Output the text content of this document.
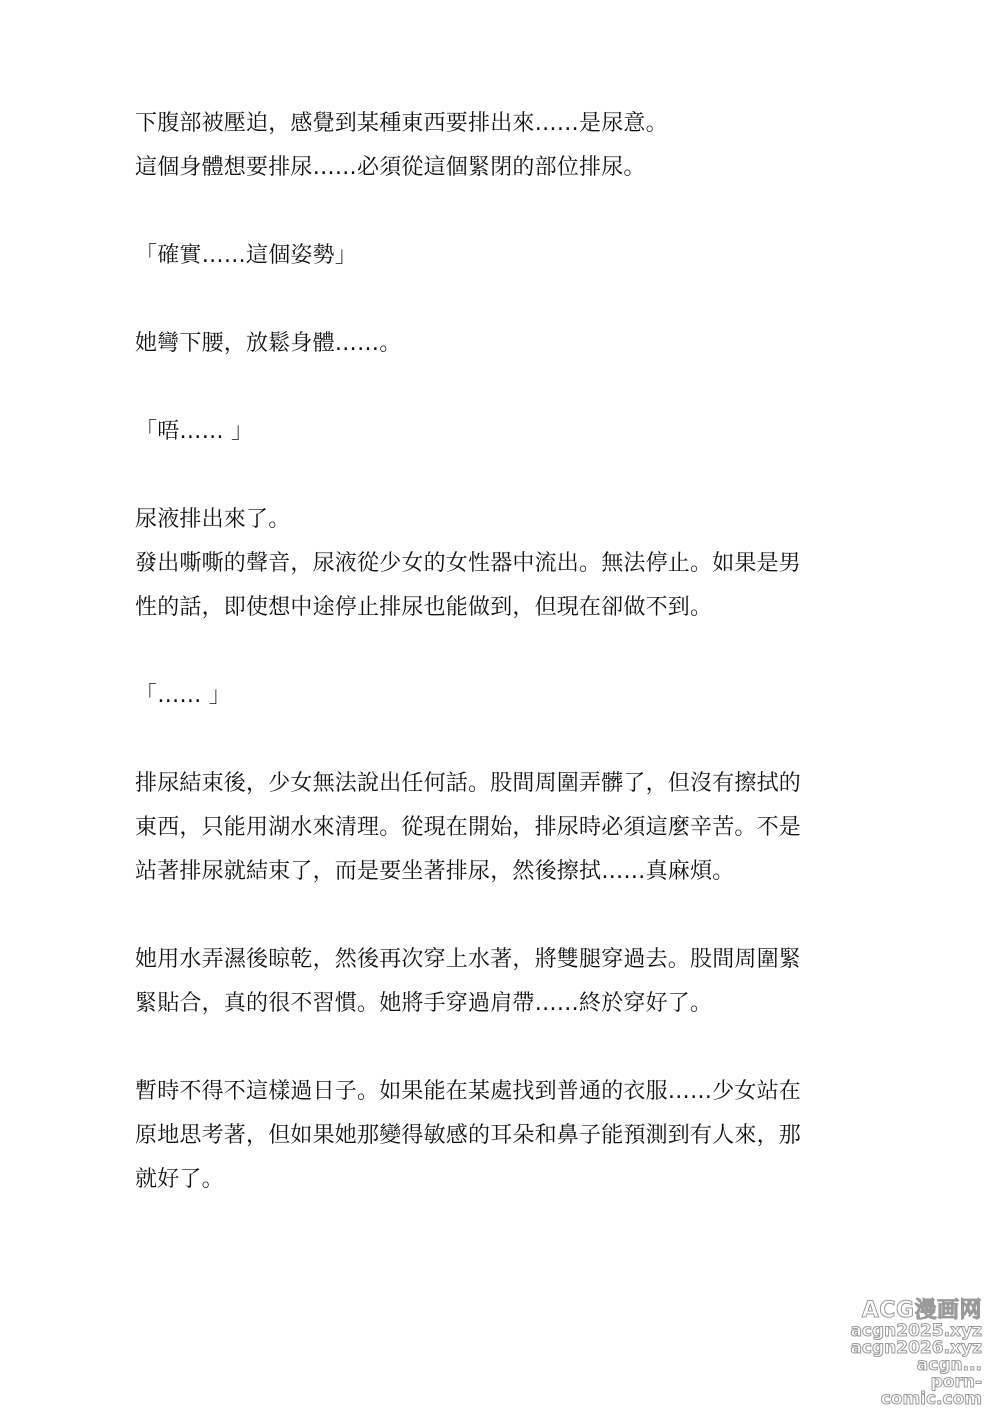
下腹部被壓迫，感覺到某種東西要排出來……是尿意。
這個身體想要排尿……必須從這個緊閉的部位排尿。
「確實……這個姿勢」
她彎下腰，放鬆身體……。
「唔…… 」
尿液排出來了。
發出嘶嘶的聲音，尿液從少女的女性器中流出。無法停止。如果是男
性的話，即使想中途停止排尿也能做到，但現在卻做不到。
「…… 」
排尿結束後，少女無法說出任何話。股間周圍弄髒了，但沒有擦拭的
東西，只能用湖水來清理。從現在開始，排尿時必須這麼辛苦。不是
站著排尿就結束了，而是要坐著排尿，然後擦拭……真麻煩。
她用水弄濕後晾乾，然後再次穿上水著，將雙腿穿過去。股間周圍緊
緊貼合，真的很不習慣。她將手穿過肩帶……終於穿好了。
暫時不得不這樣過日子。如果能在某處找到普通的衣服……少女站在
原地思考著，但如果她那變得敏感的耳朵和鼻子能預測到有人來，那
就好了。
ACG漫画网
acgn2025.xyz
acgn2026.xyz
acgn...
porn-comic.com
